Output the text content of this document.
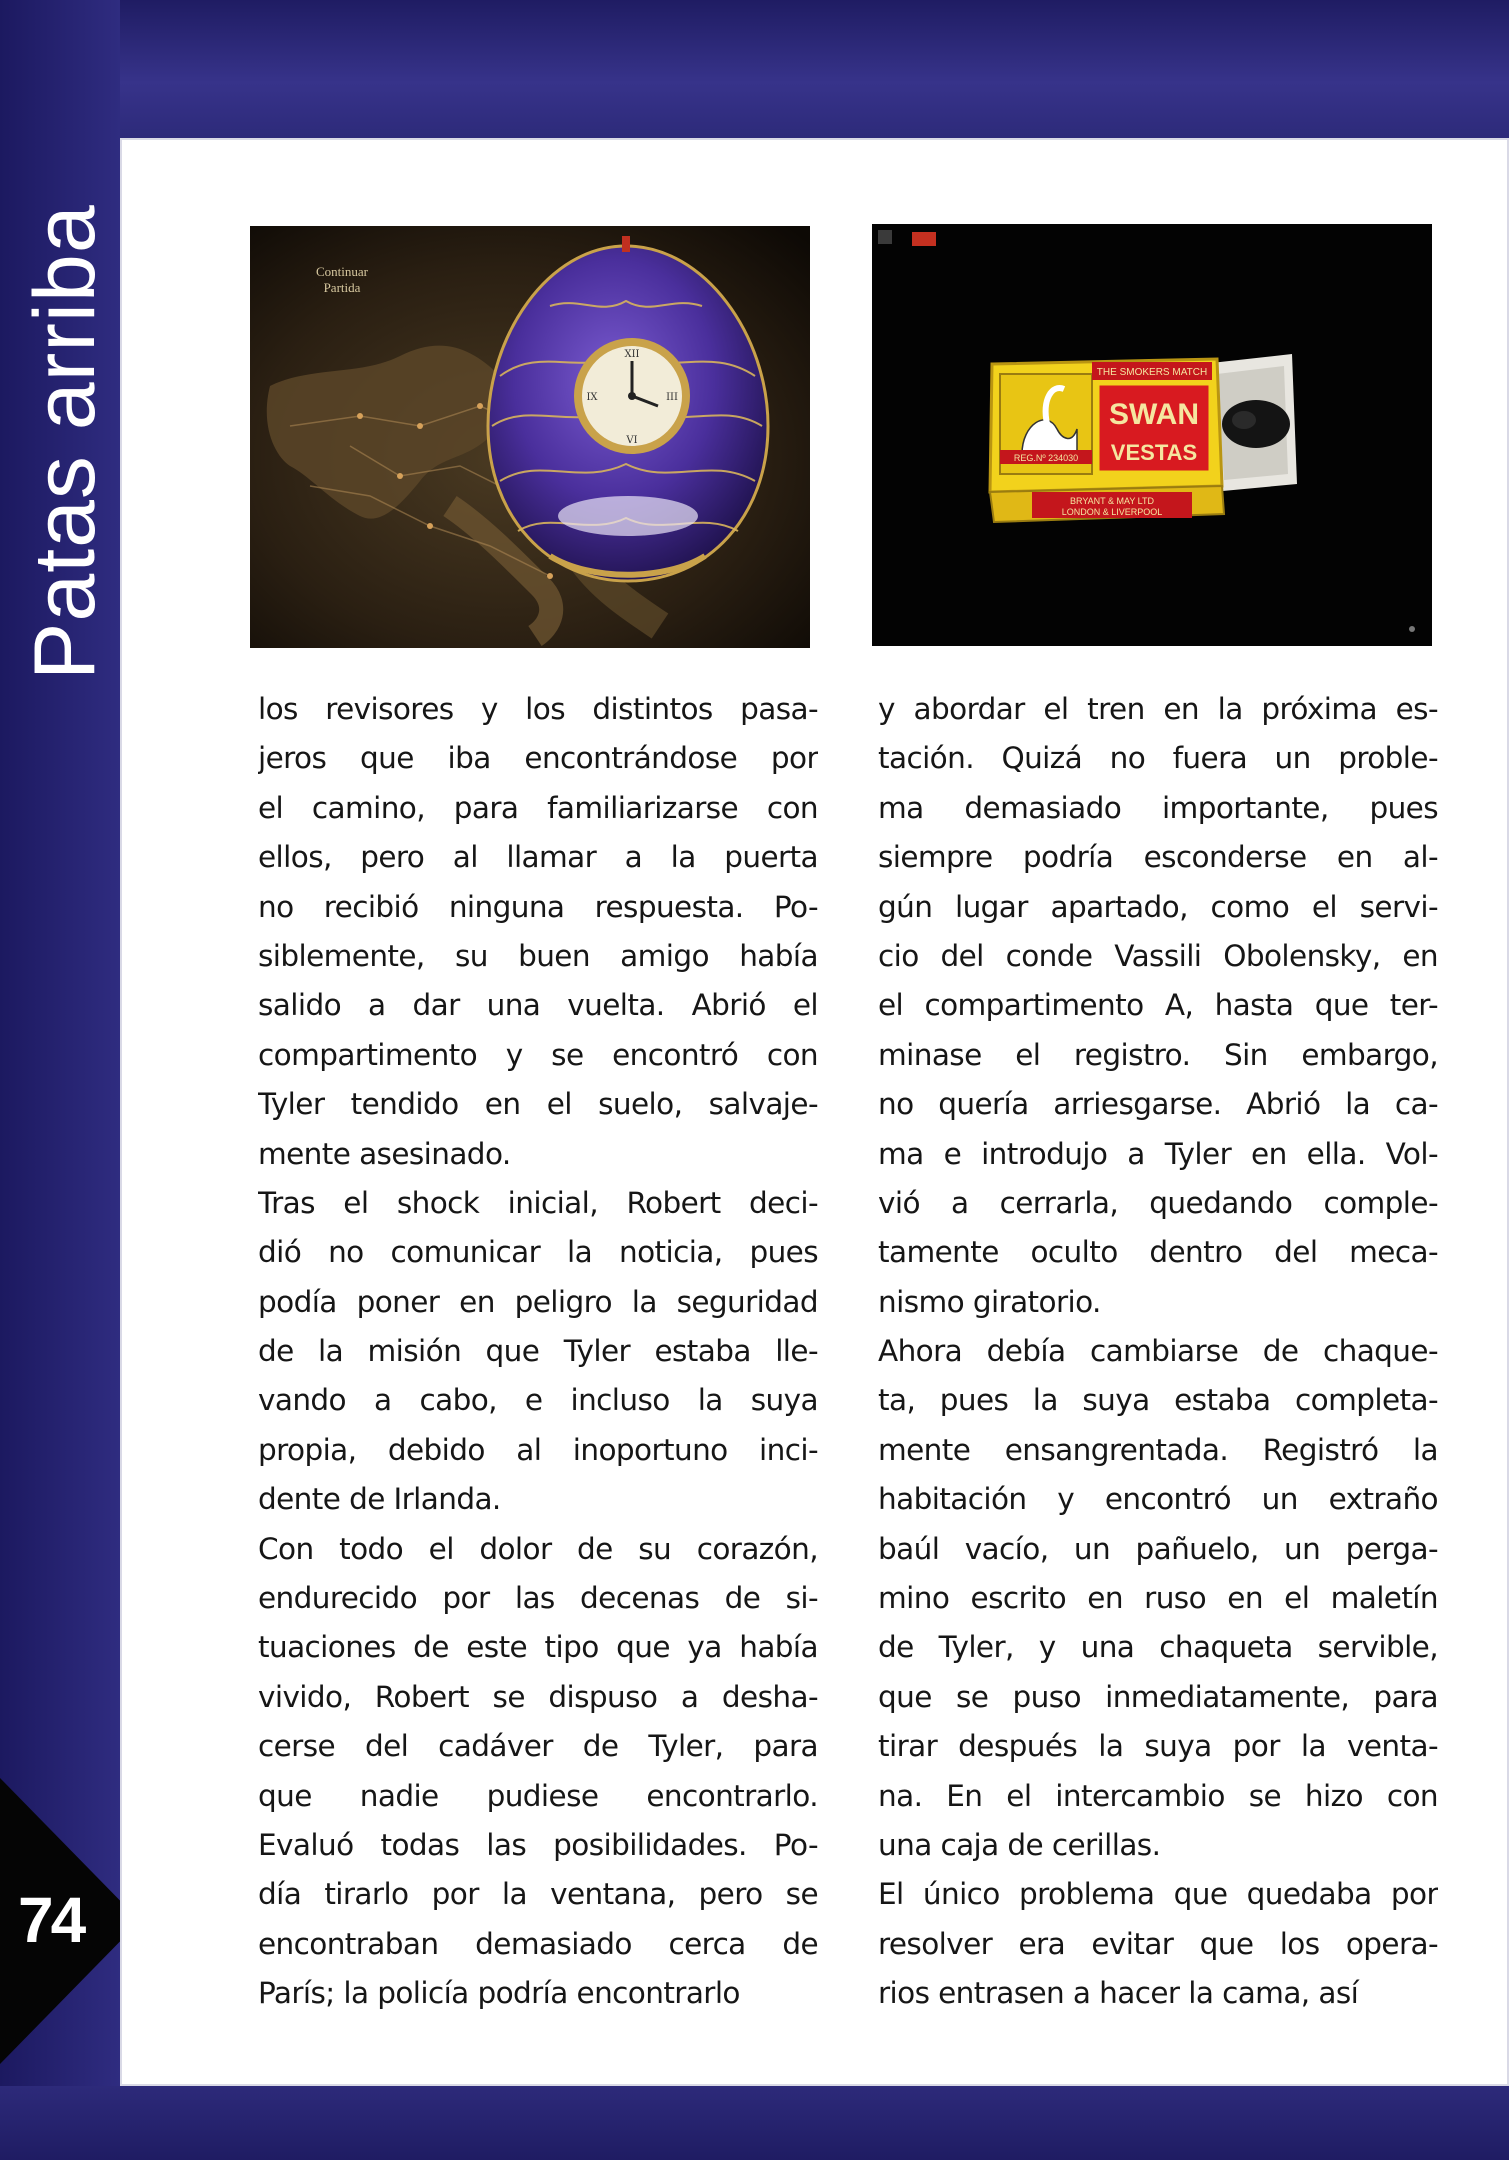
Patas arriba
74
Continuar
Partida
XII
III
VI
IX
THE SMOKERS MATCH
SWAN
VESTAS
REG.Nº 234030
BRYANT & MAY LTD
LONDON & LIVERPOOL
los revisores y los distintos pasa-
jeros que iba encontrándose por
el camino, para familiarizarse con
ellos, pero al llamar a la puerta
no recibió ninguna respuesta. Po-
siblemente, su buen amigo había
salido a dar una vuelta. Abrió el
compartimento y se encontró con
Tyler tendido en el suelo, salvaje-
mente asesinado.
Tras el shock inicial, Robert deci-
dió no comunicar la noticia, pues
podía poner en peligro la seguridad
de la misión que Tyler estaba lle-
vando a cabo, e incluso la suya
propia, debido al inoportuno inci-
dente de Irlanda.
Con todo el dolor de su corazón,
endurecido por las decenas de si-
tuaciones de este tipo que ya había
vivido, Robert se dispuso a desha-
cerse del cadáver de Tyler, para
que nadie pudiese encontrarlo.
Evaluó todas las posibilidades. Po-
día tirarlo por la ventana, pero se
encontraban demasiado cerca de
París; la policía podría encontrarlo
y abordar el tren en la próxima es-
tación. Quizá no fuera un proble-
ma demasiado importante, pues
siempre podría esconderse en al-
gún lugar apartado, como el servi-
cio del conde Vassili Obolensky, en
el compartimento A, hasta que ter-
minase el registro. Sin embargo,
no quería arriesgarse. Abrió la ca-
ma e introdujo a Tyler en ella. Vol-
vió a cerrarla, quedando comple-
tamente oculto dentro del meca-
nismo giratorio.
Ahora debía cambiarse de chaque-
ta, pues la suya estaba completa-
mente ensangrentada. Registró la
habitación y encontró un extraño
baúl vacío, un pañuelo, un perga-
mino escrito en ruso en el maletín
de Tyler, y una chaqueta servible,
que se puso inmediatamente, para
tirar después la suya por la venta-
na. En el intercambio se hizo con
una caja de cerillas.
El único problema que quedaba por
resolver era evitar que los opera-
rios entrasen a hacer la cama, así
